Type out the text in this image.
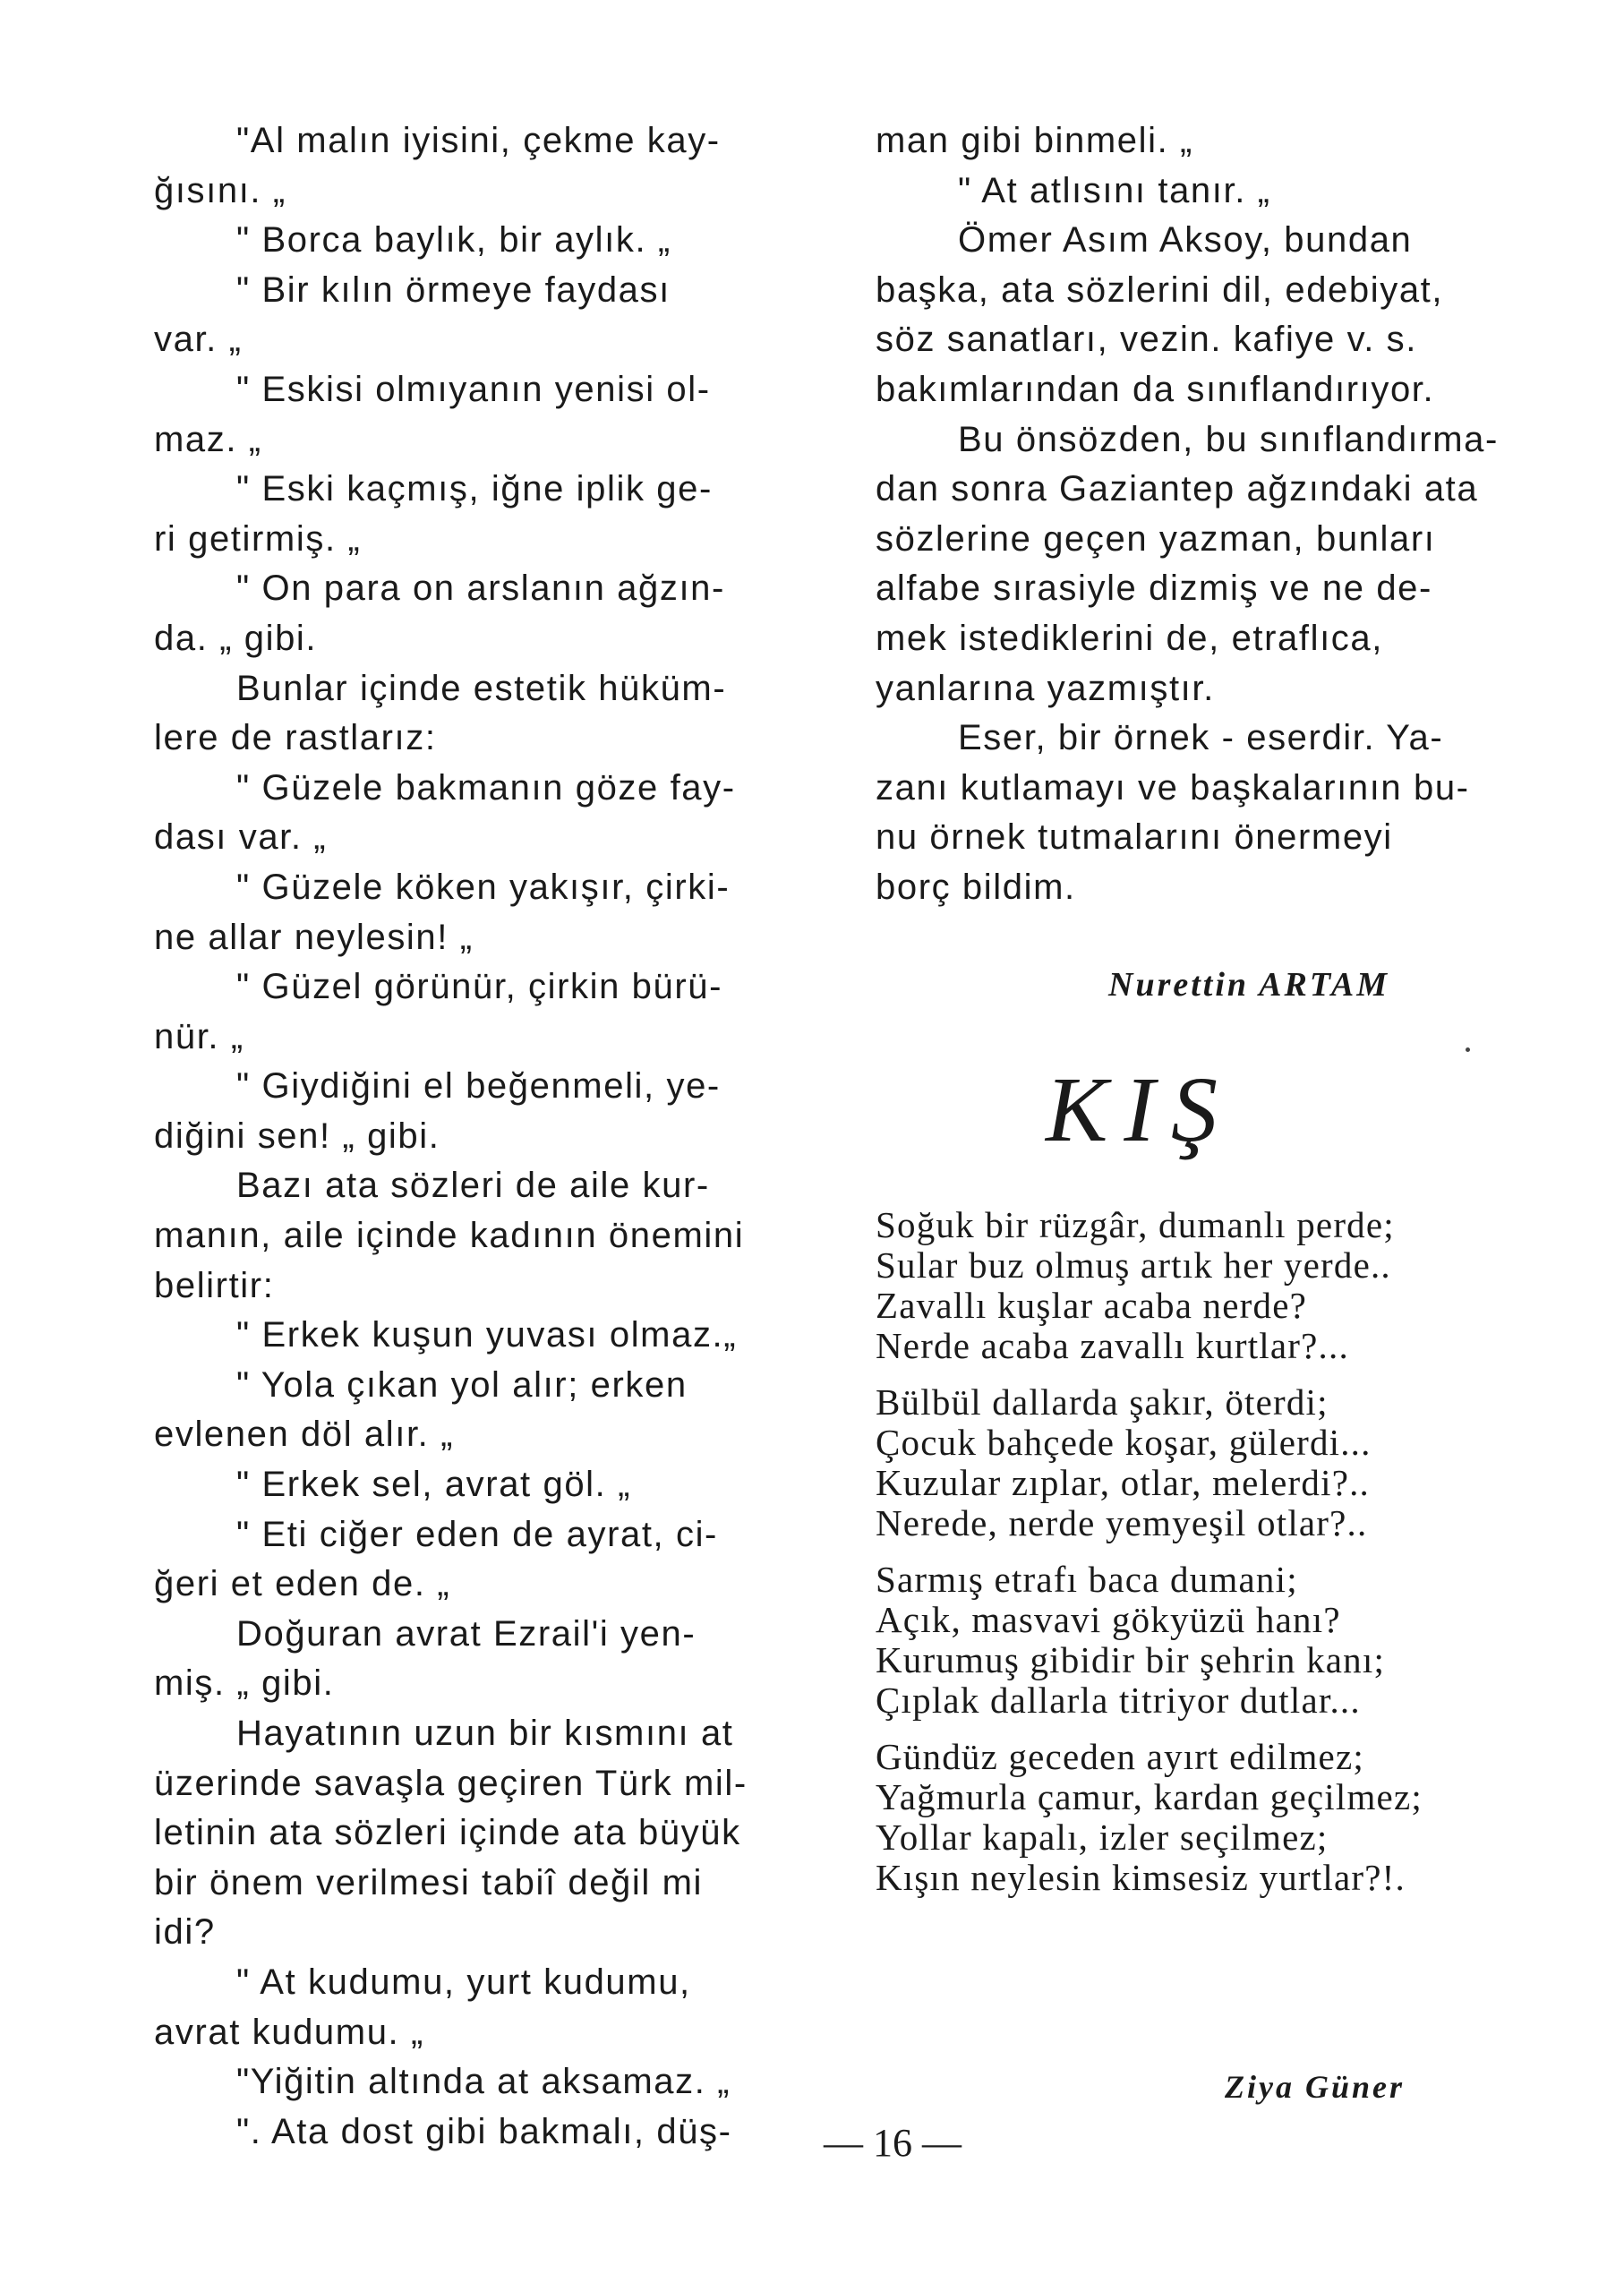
"Al malın iyisini, çekme kay-
ğısını. „
" Borca baylık, bir aylık. „
" Bir kılın örmeye faydası
var. „
" Eskisi olmıyanın yenisi ol-
maz. „
" Eski kaçmış, iğne iplik ge-
ri getirmiş. „
" On para on arslanın ağzın-
da. „ gibi.
Bunlar içinde estetik hüküm-
lere de rastlarız:
" Güzele bakmanın göze fay-
dası var. „
" Güzele köken yakışır, çirki-
ne allar neylesin! „
" Güzel görünür, çirkin bürü-
nür. „
" Giydiğini el beğenmeli, ye-
diğini sen! „ gibi.
Bazı ata sözleri de aile kur-
manın, aile içinde kadının önemini
belirtir:
" Erkek kuşun yuvası olmaz.„
" Yola çıkan yol alır; erken
evlenen döl alır. „
" Erkek sel, avrat göl. „
" Eti ciğer eden de ayrat, ci-
ğeri et eden de. „
Doğuran avrat Ezrail'i yen-
miş. „ gibi.
Hayatının uzun bir kısmını at
üzerinde savaşla geçiren Türk mil-
letinin ata sözleri içinde ata büyük
bir önem verilmesi tabiî değil mi
idi?
" At kudumu, yurt kudumu,
avrat kudumu. „
"Yiğitin altında at aksamaz. „
". Ata dost gibi bakmalı, düş-
man gibi binmeli. „
" At atlısını tanır. „
Ömer Asım Aksoy, bundan
başka, ata sözlerini dil, edebiyat,
söz sanatları, vezin. kafiye v. s.
bakımlarından da sınıflandırıyor.
Bu önsözden, bu sınıflandırma-
dan sonra Gaziantep ağzındaki ata
sözlerine geçen yazman, bunları
alfabe sırasiyle dizmiş ve ne de-
mek istediklerini de, etraflıca,
yanlarına yazmıştır.
Eser, bir örnek - eserdir. Ya-
zanı kutlamayı ve başkalarının bu-
nu örnek tutmalarını önermeyi
borç bildim.
Nurettin ARTAM
KIŞ
Soğuk bir rüzgâr, dumanlı perde;
Sular buz olmuş artık her yerde..
Zavallı kuşlar acaba nerde?
Nerde acaba zavallı kurtlar?...
Bülbül dallarda şakır, öterdi;
Çocuk bahçede koşar, gülerdi...
Kuzular zıplar, otlar, melerdi?..
Nerede, nerde yemyeşil otlar?..
Sarmış etrafı baca dumani;
Açık, masvavi gökyüzü hanı?
Kurumuş gibidir bir şehrin kanı;
Çıplak dallarla titriyor dutlar...
Gündüz geceden ayırt edilmez;
Yağmurla çamur, kardan geçilmez;
Yollar kapalı, izler seçilmez;
Kışın neylesin kimsesiz yurtlar?!.
Ziya Güner
— 16 —
